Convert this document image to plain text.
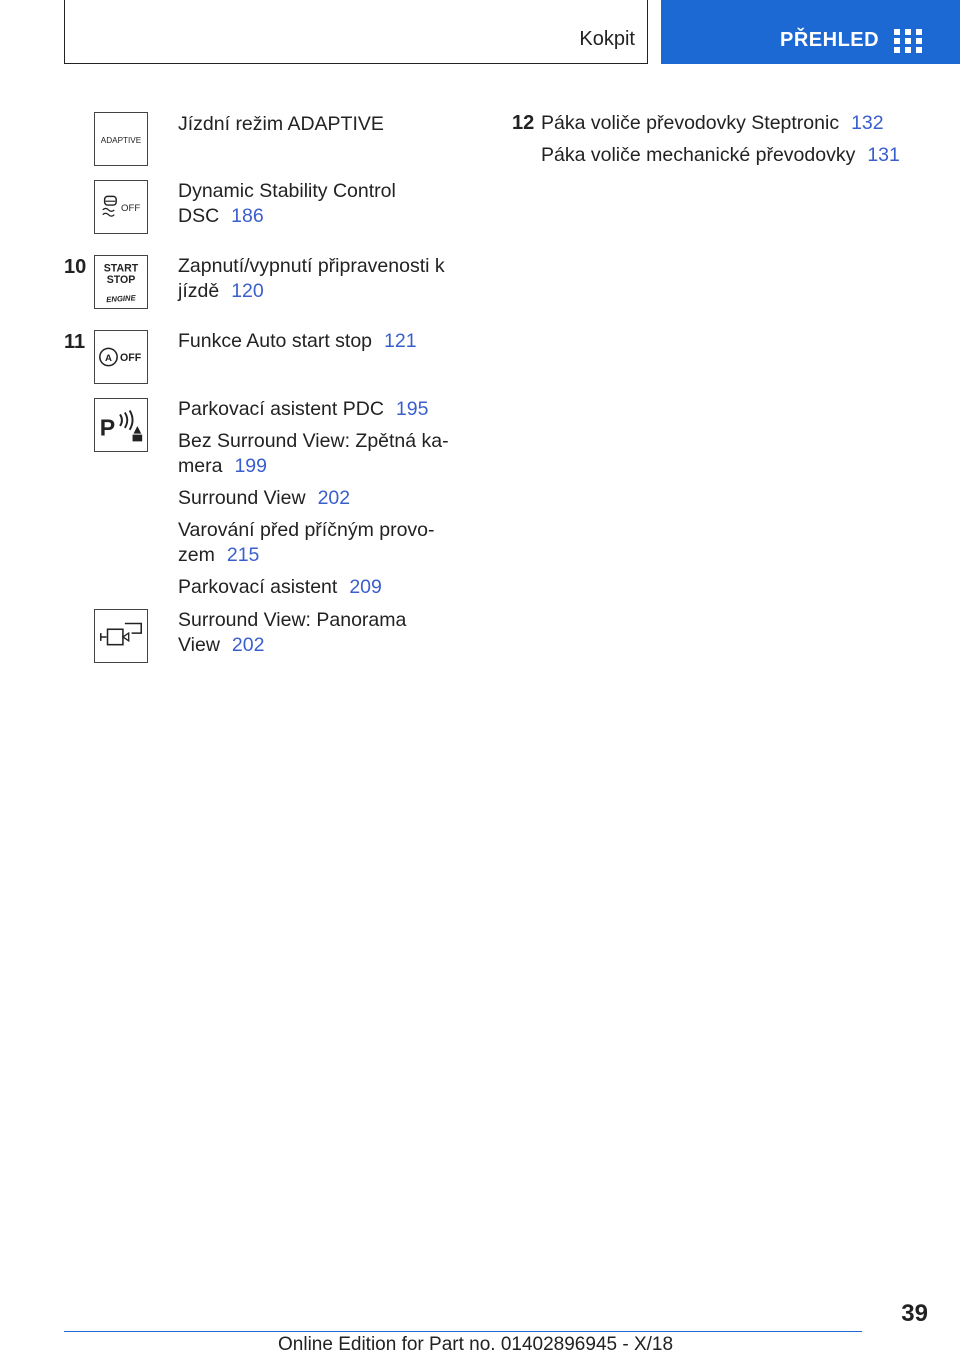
Kokpit	PŘEHLED
ADAPTIVE
Jízdní režim ADAPTIVE
OFF
Dynamic Stability Control
DSC 186
10 START
STOP
ENGINE
Zapnutí/vypnutí připravenosti k
jízdě 120
11
A OFF
Funkce Auto start stop 121
P
Parkovací asistent PDC 195
Bez Surround View: Zpětná ka-
mera 199
Surround View 202
Varování před příčným provo-
zem 215
Parkovací asistent 209
Surround View: Panorama
View 202
12 Páka voliče převodovky Steptronic 132
Páka voliče mechanické převodovky 131
39
Online Edition for Part no. 01402896945 - X/18
